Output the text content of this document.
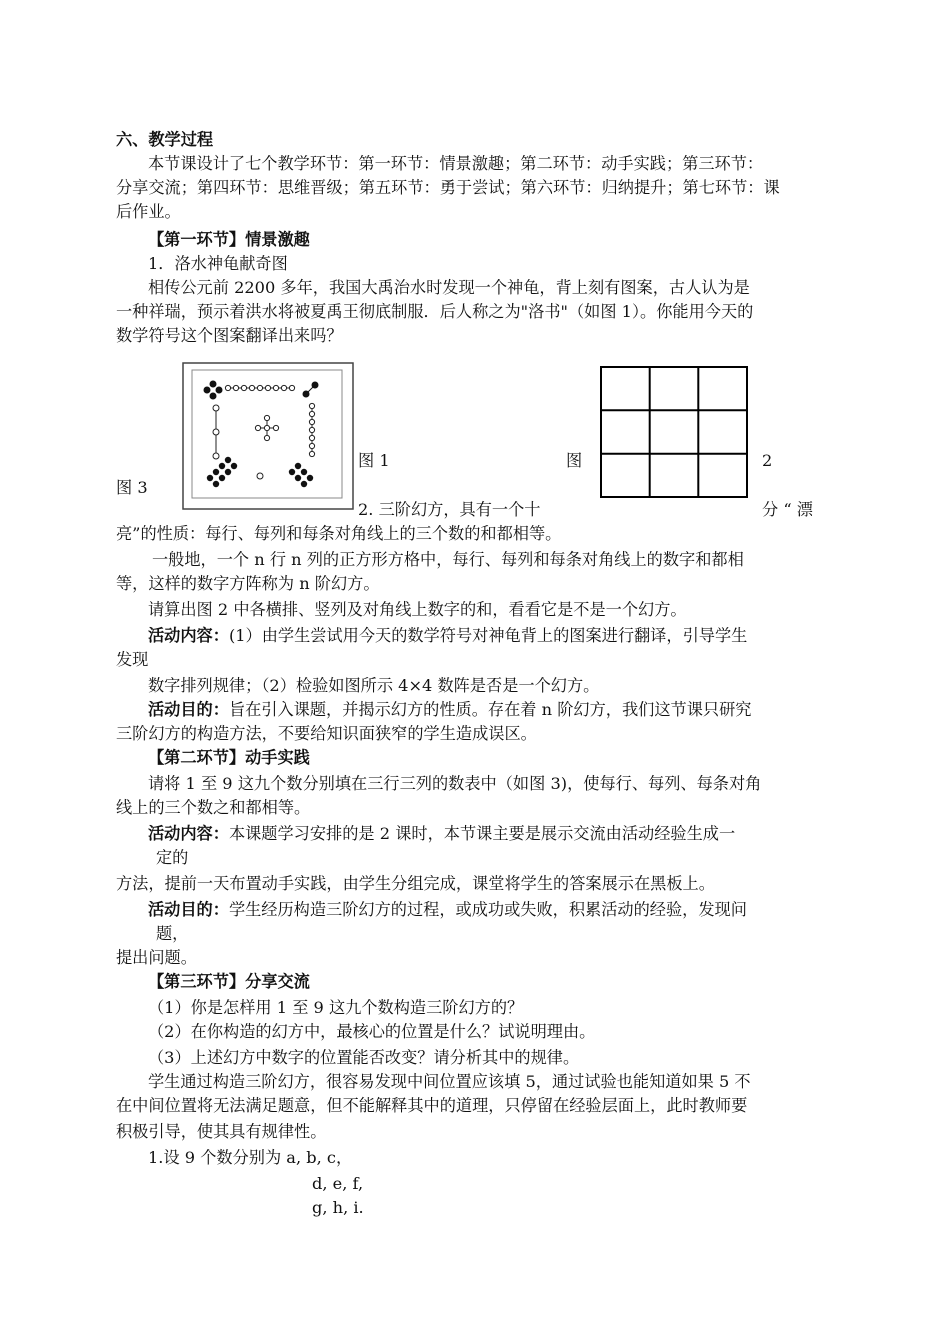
六、教学过程
本节课设计了七个教学环节：第一环节：情景激趣；第二环节：动手实践；第三环节：
分享交流；第四环节：思维晋级；第五环节：勇于尝试；第六环节：归纳提升；第七环节：课
后作业。
【第一环节】情景激趣
1．洛水神龟献奇图
相传公元前 2200 多年，我国大禹治水时发现一个神龟，背上刻有图案，古人认为是
一种祥瑞，预示着洪水将被夏禹王彻底制服．后人称之为"洛书"（如图 1）。你能用今天的
数学符号这个图案翻译出来吗？
图 1	图	2
图 3
2. 三阶幻方，具有一个十	分 “ 漂
亮”的性质：每行、每列和每条对角线上的三个数的和都相等。
一般地，一个 n 行 n 列的正方形方格中，每行、每列和每条对角线上的数字和都相
等，这样的数字方阵称为 n 阶幻方。
请算出图 2 中各横排、竖列及对角线上数字的和，看看它是不是一个幻方。
活动内容：(1）由学生尝试用今天的数学符号对神龟背上的图案进行翻译，引导学生
发现
数字排列规律；（2）检验如图所示 4×4 数阵是否是一个幻方。
活动目的：旨在引入课题，并揭示幻方的性质。存在着 n 阶幻方，我们这节课只研究
三阶幻方的构造方法，不要给知识面狭窄的学生造成误区。
【第二环节】动手实践
请将 1 至 9 这九个数分别填在三行三列的数表中（如图 3)，使每行、每列、每条对角
线上的三个数之和都相等。
活动内容：本课题学习安排的是 2 课时，本节课主要是展示交流由活动经验生成一
定的
方法，提前一天布置动手实践，由学生分组完成，课堂将学生的答案展示在黑板上。
活动目的：学生经历构造三阶幻方的过程，或成功或失败，积累活动的经验，发现问
题，
提出问题。
【第三环节】分享交流
（1）你是怎样用 1 至 9 这九个数构造三阶幻方的？
（2）在你构造的幻方中，最核心的位置是什么？试说明理由。
（3）上述幻方中数字的位置能否改变？请分析其中的规律。
学生通过构造三阶幻方，很容易发现中间位置应该填 5，通过试验也能知道如果 5 不
在中间位置将无法满足题意，但不能解释其中的道理，只停留在经验层面上，此时教师要
积极引导，使其具有规律性。
1.设 9 个数分别为 a, b, c，
d, e, f,
g, h, i.
